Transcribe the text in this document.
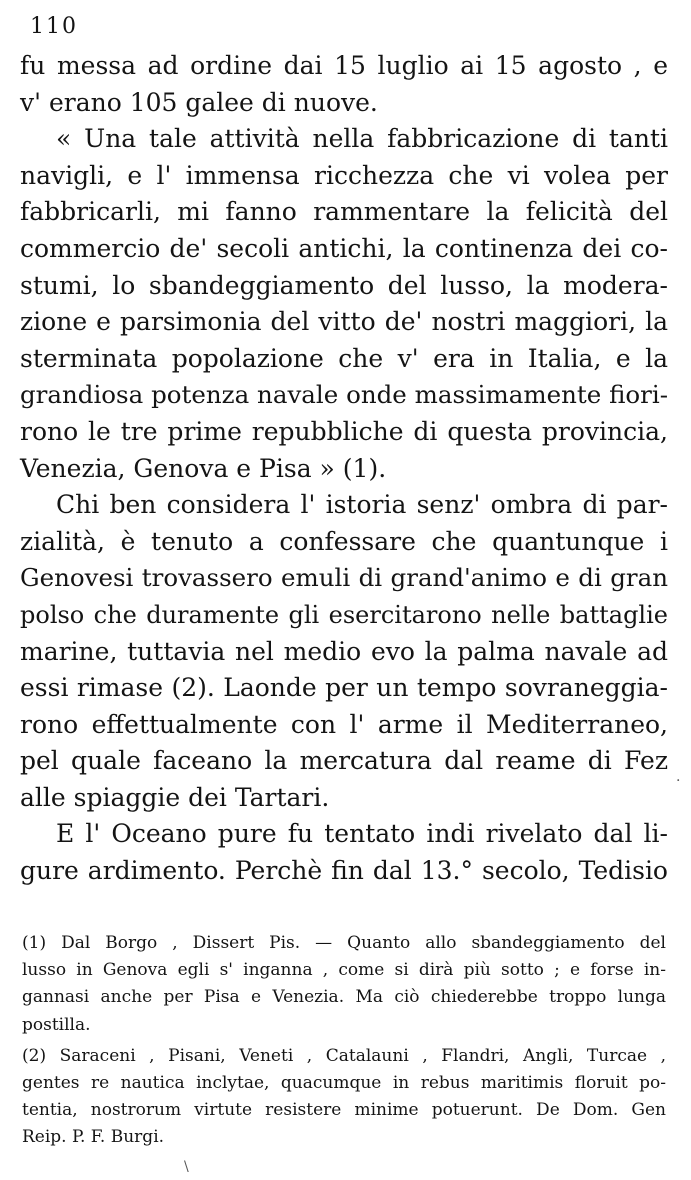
110
fu messa ad ordine dai 15 luglio ai 15 agosto , e
v' erano 105 galee di nuove.
« Una tale attività nella fabbricazione di tanti
navigli, e l' immensa ricchezza che vi volea per
fabbricarli, mi fanno rammentare la felicità del
commercio de' secoli antichi, la continenza dei co-
stumi, lo sbandeggiamento del lusso, la modera-
zione e parsimonia del vitto de' nostri maggiori, la
sterminata popolazione che v' era in Italia, e la
grandiosa potenza navale onde massimamente fiori-
rono le tre prime repubbliche di questa provincia,
Venezia, Genova e Pisa » (1).
Chi ben considera l' istoria senz' ombra di par-
zialità, è tenuto a confessare che quantunque i
Genovesi trovassero emuli di grand'animo e di gran
polso che duramente gli esercitarono nelle battaglie
marine, tuttavia nel medio evo la palma navale ad
essi rimase (2). Laonde per un tempo sovraneggia-
rono effettualmente con l' arme il Mediterraneo,
pel quale faceano la mercatura dal reame di Fez
alle spiaggie dei Tartari.
E l' Oceano pure fu tentato indi rivelato dal li-
gure ardimento. Perchè fin dal 13.° secolo, Tedisio
(1) Dal Borgo , Dissert Pis. — Quanto allo sbandeggiamento del
lusso in Genova egli s' inganna , come si dirà più sotto ; e forse in-
gannasi anche per Pisa e Venezia. Ma ciò chiederebbe troppo lunga
postilla.
(2) Saraceni , Pisani, Veneti , Catalauni , Flandri, Angli, Turcae ,
gentes re nautica inclytae, quacumque in rebus maritimis floruit po-
tentia, nostrorum virtute resistere minime potuerunt. De Dom. Gen
Reip. P. F. Burgi.
\
.
